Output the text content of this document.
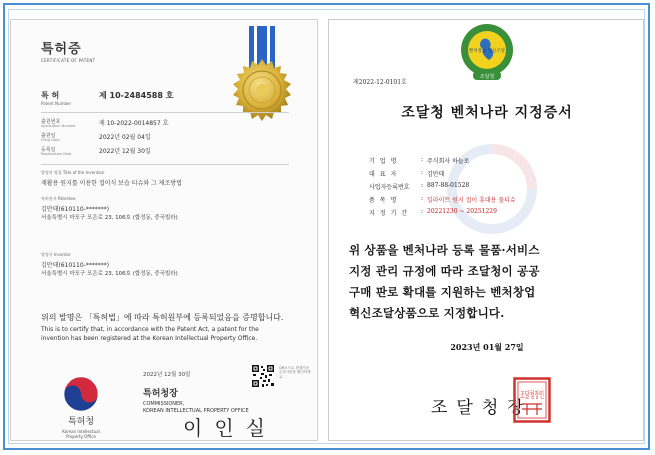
특허증
CERTIFICATE OF PATENT
특 허
Patent Number
제 10-2484588 호
출원번호
Application Number	제 10-2022-0014857 호
출원일
Filing Date	2022년 02월 04일
등록일
Registration Date	2022년 12월 30일
발명의 명칭 Title of the Invention
재활용 원지를 이용한 접이식 보습 티슈와 그 제조방법
특허권자 Patentee
김만태(610110-*******)
서울특별시 마포구 포은로 23, 106호 (합정동, 중국빌라)
발명자 Inventor
김만태(610110-*******)
서울특별시 마포구 포은로 23, 106호 (합정동, 중국빌라)
위의 발명은 「특허법」에 따라 특허원부에 등록되었음을 증명합니다.
This is to certify that, in accordance with the Patent Act, a patent for the
invention has been registered at the Korean Intellectual Property Office.
2022년 12월 30일
QR코드로 현재기준 등록사항을 확인하세요.
특허청장
COMMISSIONER,
KOREAN INTELLECTUAL PROPERTY OFFICE
이인실
특허청
Korean Intellectual
Property Office
벤처창업 혁신조달
조달청
제2022-12-0101호
조달청 벤처나라 지정증서
기업명	: 주식회사 하늘로
대표자	: 김만태
사업자등록번호	: 887-88-01528
품목명	: 일라이트 원지 접이 휴대용 물티슈
지정기간	: 20221230 ~ 20251229
위 상품을 벤처나라 등록 물품·서비스
지정 관리 규정에 따라 조달청이 공공
구매 판로 확대를 지원하는 벤처창업
혁신조달상품으로 지정합니다.
2023년 01월 27일
조달청장
조달청장인
